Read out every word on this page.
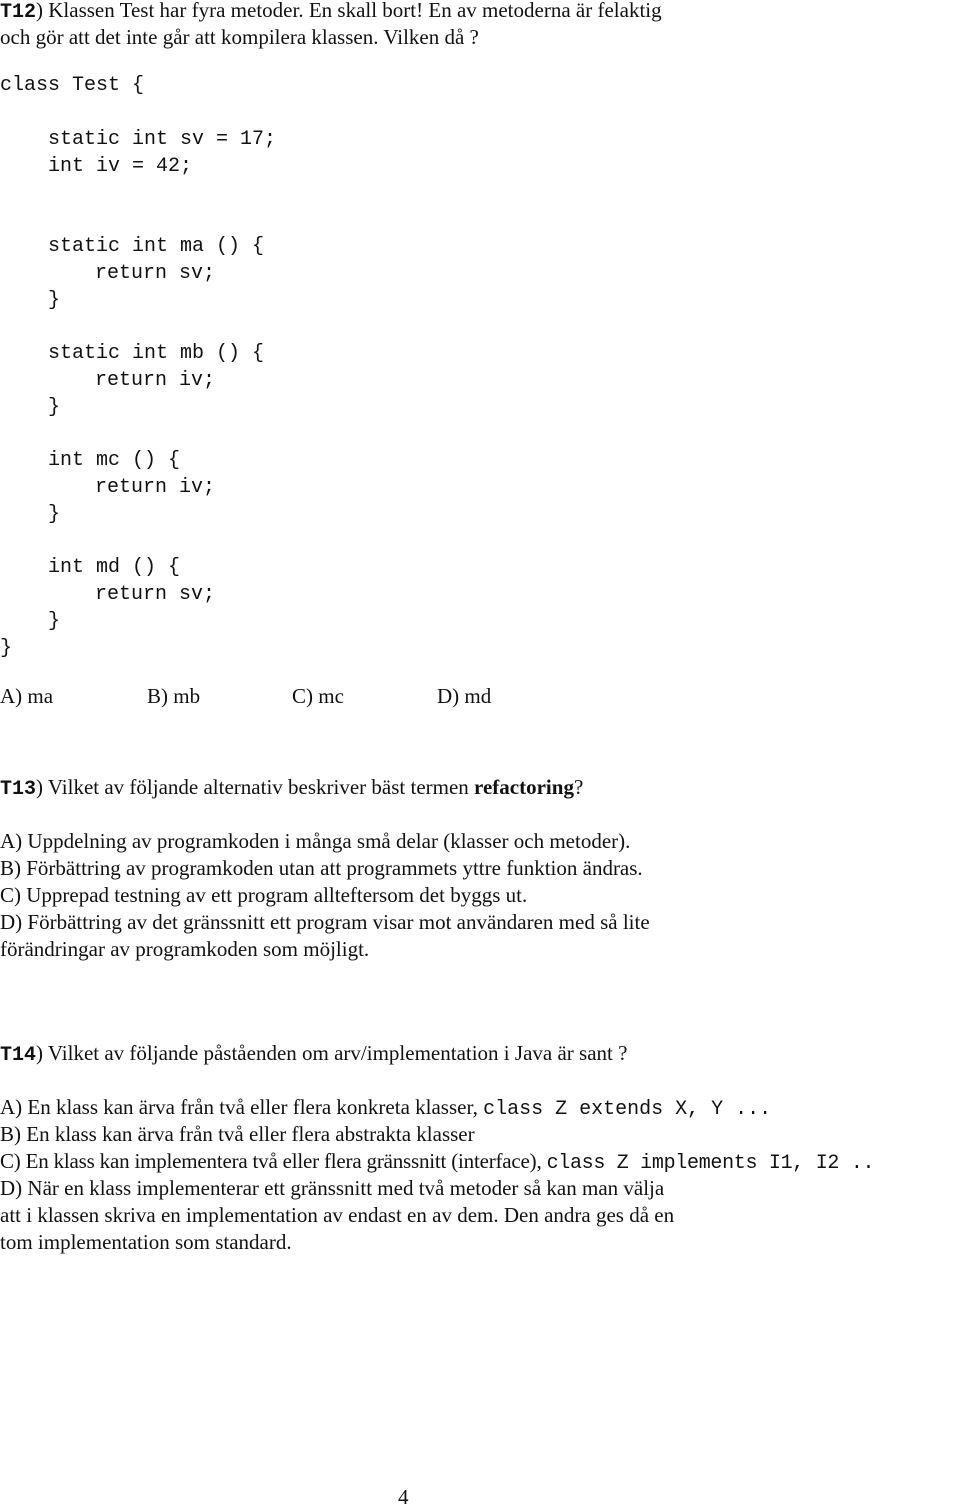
T12) Klassen Test har fyra metoder. En skall bort! En av metoderna är felaktig
och gör att det inte går att kompilera klassen. Vilken då ?
class Test {
static int sv = 17;
int iv = 42;
static int ma () {
return sv;
}
static int mb () {
return iv;
}
int mc () {
return iv;
}
int md () {
return sv;
}
}
A) ma	B) mb	C) mc	D) md
T13) Vilket av följande alternativ beskriver bäst termen refactoring?
A) Uppdelning av programkoden i många små delar (klasser och metoder).
B) Förbättring av programkoden utan att programmets yttre funktion ändras.
C) Upprepad testning av ett program allteftersom det byggs ut.
D) Förbättring av det gränssnitt ett program visar mot användaren med så lite
förändringar av programkoden som möjligt.
T14) Vilket av följande påståenden om arv/implementation i Java är sant ?
A) En klass kan ärva från två eller flera konkreta klasser, class Z extends X, Y ...
B) En klass kan ärva från två eller flera abstrakta klasser
C) En klass kan implementera två eller flera gränssnitt (interface), class Z implements I1, I2 ..
D) När en klass implementerar ett gränssnitt med två metoder så kan man välja
att i klassen skriva en implementation av endast en av dem. Den andra ges då en
tom implementation som standard.
4
